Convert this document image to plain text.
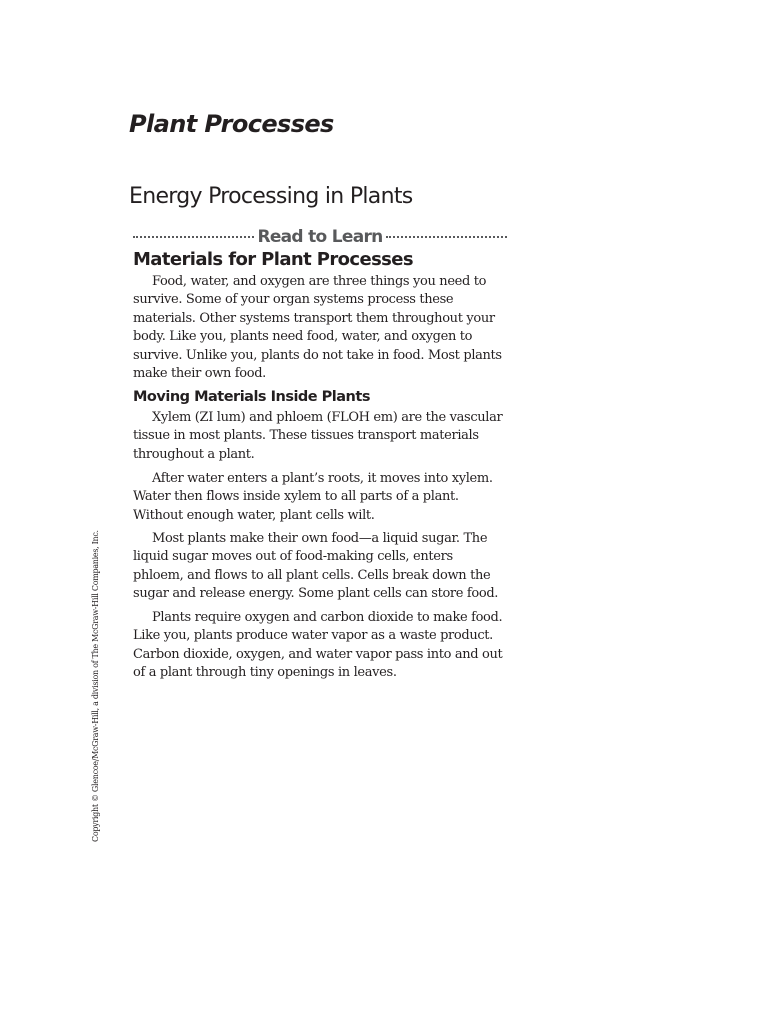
Plant Processes
Energy Processing in Plants
Read to Learn
Materials for Plant Processes

Food, water, and oxygen are three things you need to survive. Some of your organ systems process these materials. Other systems transport them throughout your body. Like you, plants need food, water, and oxygen to survive. Unlike you, plants do not take in food. Most plants make their own food.

Moving Materials Inside Plants

Xylem (ZI lum) and phloem (FLOH em) are the vascular tissue in most plants. These tissues transport materials throughout a plant.

After water enters a plant’s roots, it moves into xylem. Water then flows inside xylem to all parts of a plant. Without enough water, plant cells wilt.

Most plants make their own food—a liquid sugar. The liquid sugar moves out of food-making cells, enters phloem, and flows to all plant cells. Cells break down the sugar and release energy. Some plant cells can store food.

Plants require oxygen and carbon dioxide to make food. Like you, plants produce water vapor as a waste product. Carbon dioxide, oxygen, and water vapor pass into and out of a plant through tiny openings in leaves.

Copyright © Glencoe/McGraw-Hill, a division of The McGraw-Hill Companies, Inc.
